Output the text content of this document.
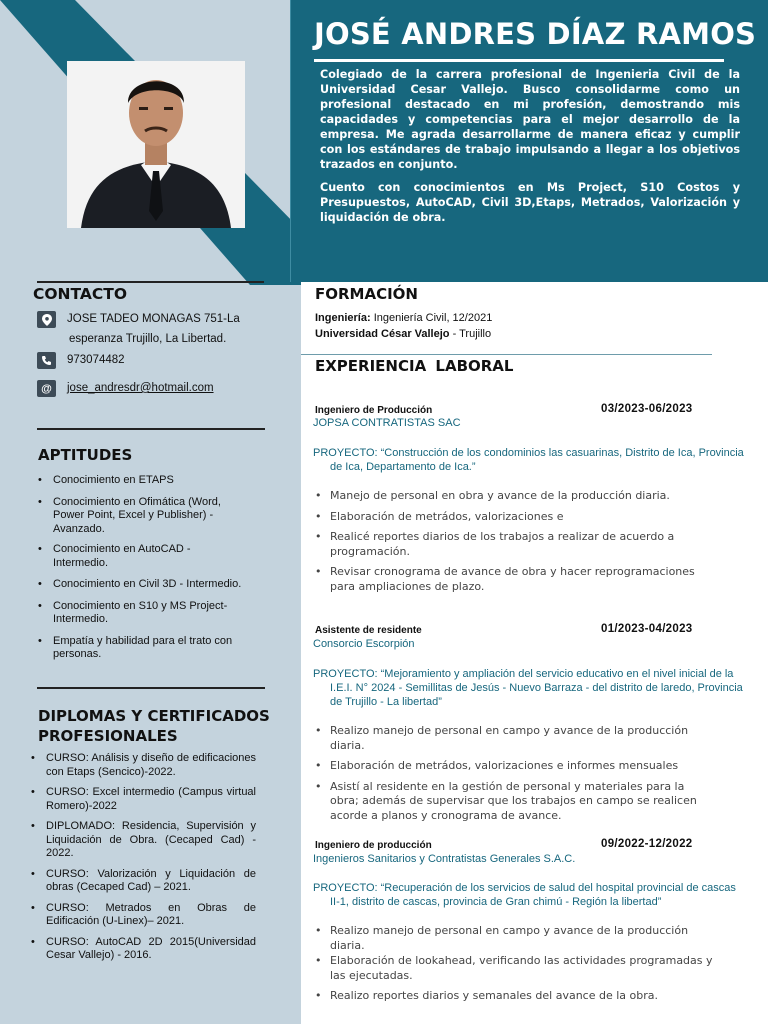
JOSÉ ANDRES DÍAZ RAMOS

Colegiado de la carrera profesional de Ingenieria Civil de la Universidad Cesar Vallejo. Busco consolidarme como un profesional destacado en mi profesión, demostrando mis capacidades y competencias para el mejor desarrollo de la empresa. Me agrada desarrollarme de manera eficaz y cumplir con los estándares de trabajo impulsando a llegar a los objetivos trazados en conjunto.

Cuento con conocimientos en Ms Project, S10 Costos y Presupuestos, AutoCAD, Civil 3D,Etaps, Metrados, Valorización y liquidación de obra.

CONTACTO
JOSE TADEO MONAGAS 751-La
esperanza Trujillo, La Libertad.
973074482
@	jose_andresdr@hotmail.com
APTITUDES
• Conocimiento en ETAPS
• Conocimiento en Ofimática (Word, Power Point, Excel y Publisher) - Avanzado.
• Conocimiento en AutoCAD - Intermedio.
• Conocimiento en Civil 3D - Intermedio.
• Conocimiento en S10 y MS Project- Intermedio.
• Empatía y habilidad para el trato con personas.
DIPLOMAS Y CERTIFICADOS
PROFESIONALES
• CURSO: Análisis y diseño de edificaciones con Etaps (Sencico)-2022.
• CURSO: Excel intermedio (Campus virtual Romero)-2022
• DIPLOMADO: Residencia, Supervisión y Liquidación de Obra. (Cecaped Cad) - 2022.
• CURSO: Valorización y Liquidación de obras (Cecaped Cad) – 2021.
• CURSO: Metrados en Obras de Edificación (U-Linex)– 2021.
• CURSO: AutoCAD 2D 2015(Universidad Cesar Vallejo) - 2016.
FORMACIÓN
Ingeniería: Ingeniería Civil, 12/2021
Universidad César Vallejo - Trujillo
EXPERIENCIA LABORAL
Ingeniero de Producción	03/2023-06/2023
JOPSA CONTRATISTAS SAC
PROYECTO: “Construcción de los condominios las casuarinas, Distrito de Ica, Provincia de Ica, Departamento de Ica.”
• Manejo de personal en obra y avance de la producción diaria.
• Elaboración de metrádos, valorizaciones e
• Realicé reportes diarios de los trabajos a realizar de acuerdo a programación.
• Revisar cronograma de avance de obra y hacer reprogramaciones para ampliaciones de plazo.
Asistente de residente	01/2023-04/2023
Consorcio Escorpión
PROYECTO: “Mejoramiento y ampliación del servicio educativo en el nivel inicial de la I.E.I. N° 2024 - Semillitas de Jesús - Nuevo Barraza - del distrito de laredo, Provincia de Trujillo - La libertad”
• Realizo manejo de personal en campo y avance de la producción diaria.
• Elaboración de metrádos, valorizaciones e informes mensuales
• Asistí al residente en la gestión de personal y materiales para la obra; además de supervisar que los trabajos en campo se realicen acorde a planos y cronograma de avance.
Ingeniero de producción	09/2022-12/2022
Ingenieros Sanitarios y Contratistas Generales S.A.C.
PROYECTO: “Recuperación de los servicios de salud del hospital provincial de cascas II-1, distrito de cascas, provincia de Gran chimú - Región la libertad”
• Realizo manejo de personal en campo y avance de la producción diaria.
• Elaboración de lookahead, verificando las actividades programadas y las ejecutadas.
• Realizo reportes diarios y semanales del avance de la obra.
